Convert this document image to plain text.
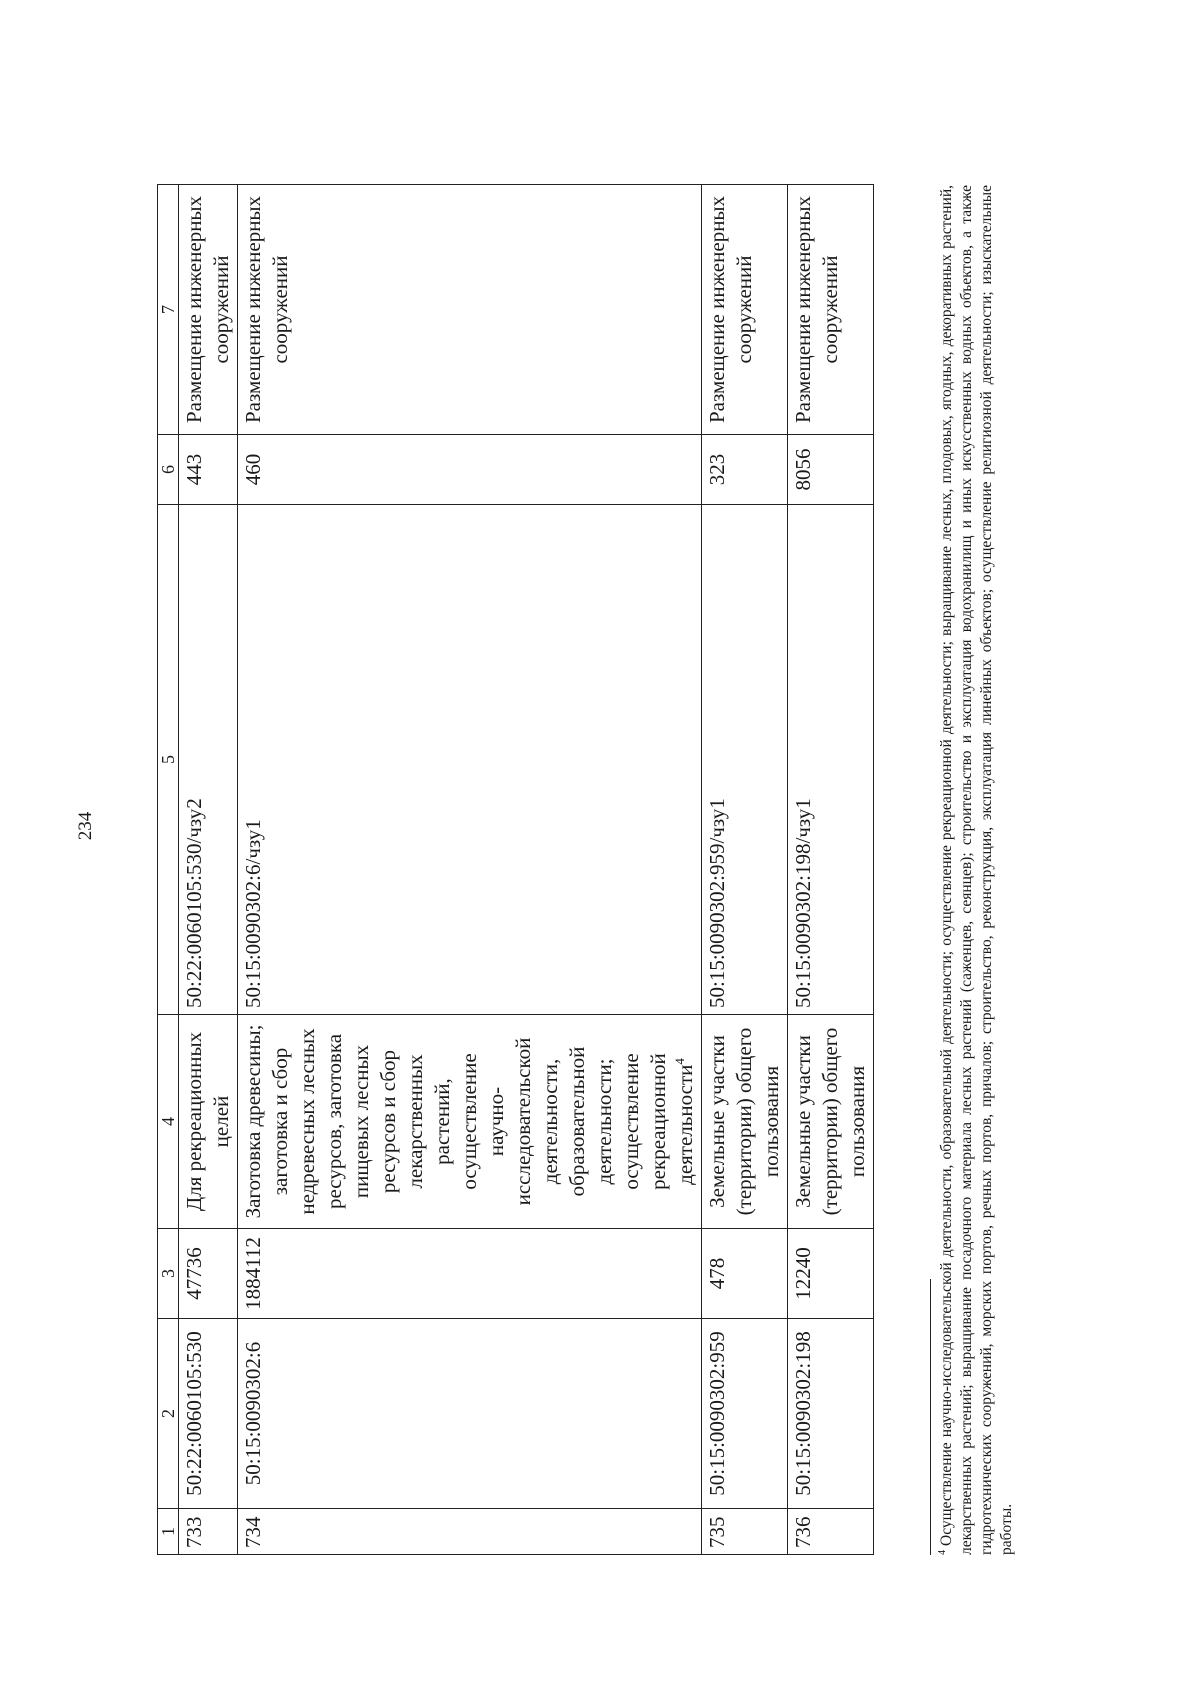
234
1	2	3	4	5	6	7
733	50:22:0060105:530	47736	Для рекреационных целей	50:22:0060105:530/чзу2	443	Размещение инженерных сооружений
734	50:15:0090302:6	1884112	Заготовка древесины; заготовка и сбор недревесных лесных ресурсов, заготовка пищевых лесных ресурсов и сбор лекарственных растений, осуществление научно-исследовательской деятельности, образовательной деятельности; осуществление рекреационной деятельности$^4$	50:15:0090302:6/чзу1	460	Размещение инженерных сооружений
735	50:15:0090302:959	478	Земельные участки (территории) общего пользования	50:15:0090302:959/чзу1	323	Размещение инженерных сооружений
736	50:15:0090302:198	12240	Земельные участки (территории) общего пользования	50:15:0090302:198/чзу1	8056	Размещение инженерных сооружений
$^4$Осуществление научно-исследовательской деятельности, образовательной деятельности; осуществление рекреационной деятельности; выращивание лесных, плодовых, ягодных, декоративных растений, лекарственных растений; выращивание посадочного материала лесных растений (саженцев, сеянцев); строительство и эксплуатация водохранилищ и иных искусственных водных объектов, а также гидротехнических сооружений, морских портов, речных портов, причалов; строительство, реконструкция, эксплуатация линейных объектов; осуществление религиозной деятельности; изыскательные работы.
